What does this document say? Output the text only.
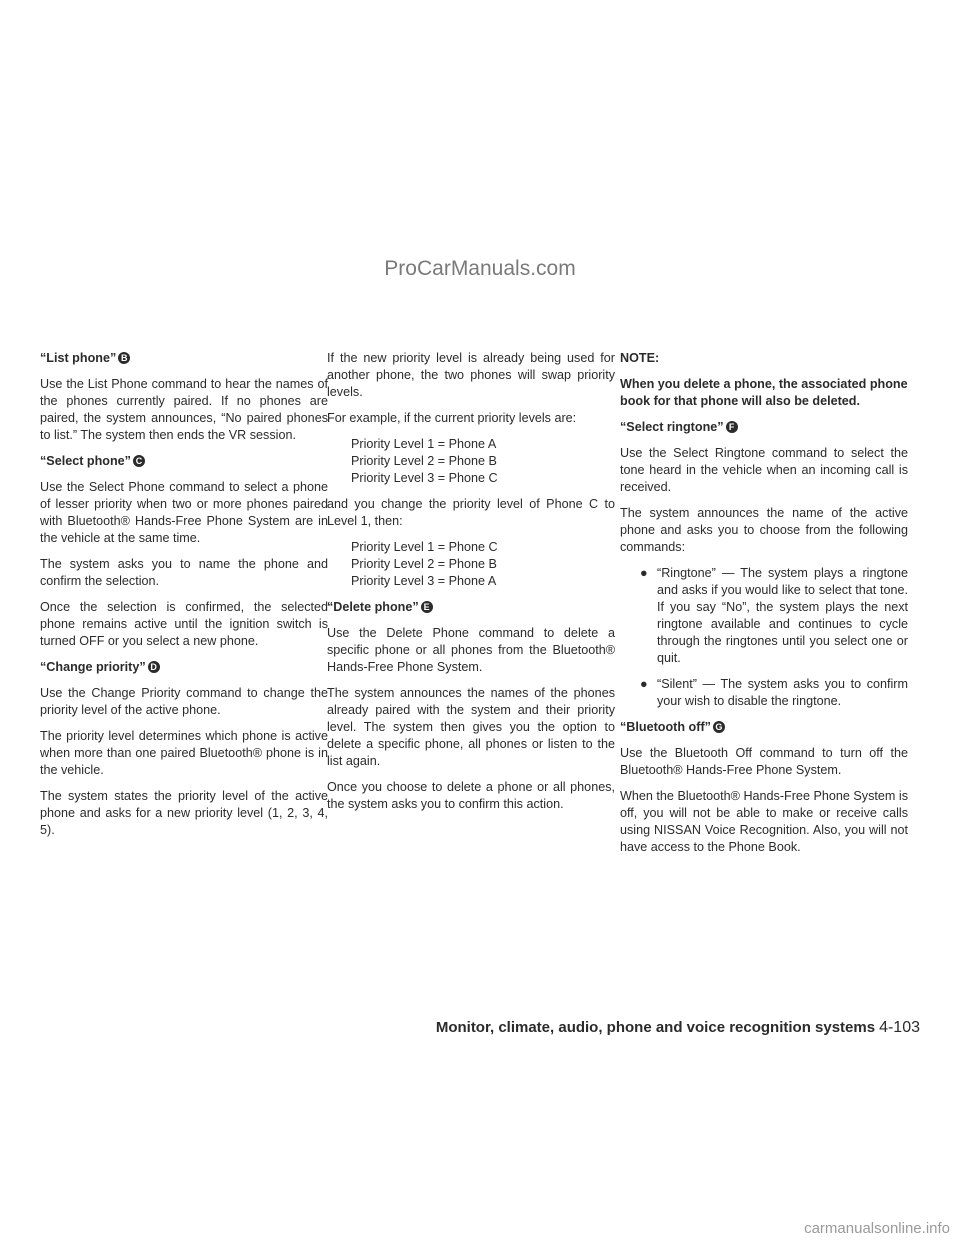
ProCarManuals.com
“List phone” B

Use the List Phone command to hear the names of the phones currently paired. If no phones are paired, the system announces, “No paired phones to list.” The system then ends the VR session.

“Select phone” C

Use the Select Phone command to select a phone of lesser priority when two or more phones paired with Bluetooth® Hands-Free Phone System are in the vehicle at the same time.

The system asks you to name the phone and confirm the selection.

Once the selection is confirmed, the selected phone remains active until the ignition switch is turned OFF or you select a new phone.

“Change priority” D

Use the Change Priority command to change the priority level of the active phone.

The priority level determines which phone is active when more than one paired Bluetooth® phone is in the vehicle.

The system states the priority level of the active phone and asks for a new priority level (1, 2, 3, 4, 5).

If the new priority level is already being used for another phone, the two phones will swap priority levels.

For example, if the current priority levels are:

Priority Level 1 = Phone A
Priority Level 2 = Phone B
Priority Level 3 = Phone C

and you change the priority level of Phone C to Level 1, then:

Priority Level 1 = Phone C
Priority Level 2 = Phone B
Priority Level 3 = Phone A
“Delete phone” E

Use the Delete Phone command to delete a specific phone or all phones from the Bluetooth® Hands-Free Phone System.

The system announces the names of the phones already paired with the system and their priority level. The system then gives you the option to delete a specific phone, all phones or listen to the list again.

Once you choose to delete a phone or all phones, the system asks you to confirm this action.

NOTE:
When you delete a phone, the associated phone book for that phone will also be deleted.
“Select ringtone” F

Use the Select Ringtone command to select the tone heard in the vehicle when an incoming call is received.

The system announces the name of the active phone and asks you to choose from the following commands:

● “Ringtone” — The system plays a ringtone and asks if you would like to select that tone. If you say “No”, the system plays the next ringtone available and continues to cycle through the ringtones until you select one or quit.
● “Silent” — The system asks you to confirm your wish to disable the ringtone.
“Bluetooth off” G

Use the Bluetooth Off command to turn off the Bluetooth® Hands-Free Phone System.

When the Bluetooth® Hands-Free Phone System is off, you will not be able to make or receive calls using NISSAN Voice Recognition. Also, you will not have access to the Phone Book.

Monitor, climate, audio, phone and voice recognition systems 4-103
carmanualsonline.info
